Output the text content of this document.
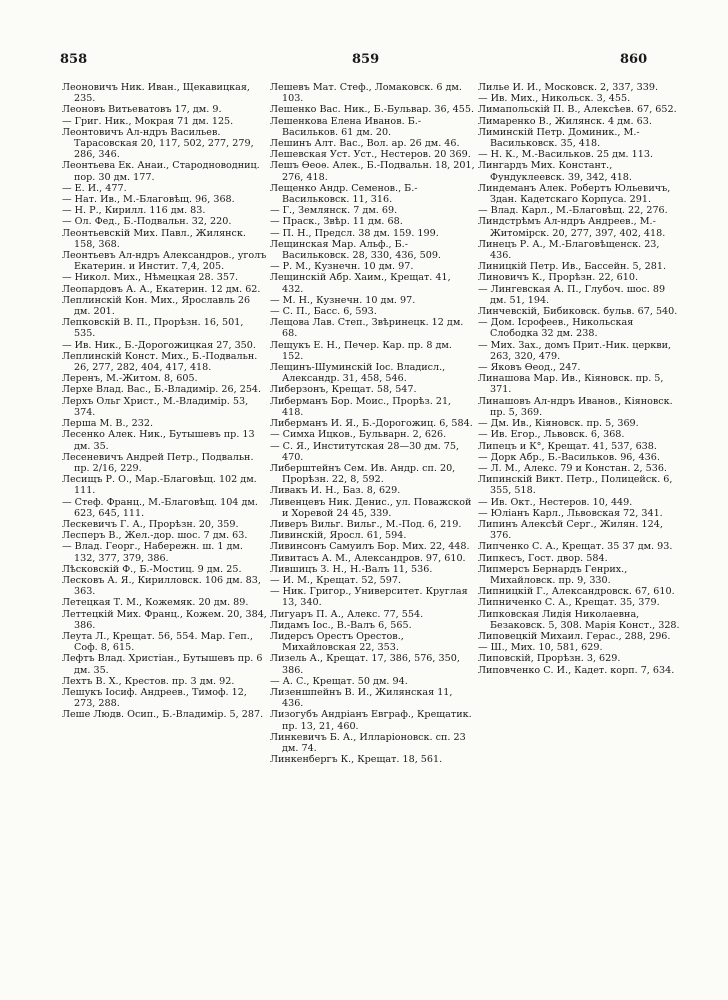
858	859	860

Леоновичъ Ник. Иван., Щекавицкая, 235.

Леоновъ Витьеватовъ 17, дм. 9.

— Григ. Ник., Мокрая 71 дм. 125.

Леонтовичъ Ал-ндръ Васильев. Тарасовская 20, 117, 502, 277, 279, 286, 346.

Леонтьева Ек. Анаи., Стародноводниц. пор. 30 дм. 177.

— Е. И., 477.

— Нат. Ив., М.-Благовѣщ. 96, 368.

— Н. Р., Кирилл. 116 дм. 83.

— Ол. Фед., Б.-Подвальн. 32, 220.

Леонтьевскій Мих. Павл., Жилянск. 158, 368.

Леонтьевъ Ал-ндръ Александров., уголъ Екатерин. и Инстит. 7,4, 205.

— Никол. Мих., Нѣмецкая 28. 357.

Леопардовъ А. А., Екатерин. 12 дм. 62.

Леплинскій Кон. Мих., Ярославль 26 дм. 201.

Лепковскій В. П., Прорѣзн. 16, 501, 535.

— Ив. Ник., Б.-Дорогожицкая 27, 350.

Леплинскій Конст. Мих., Б.-Подвальн. 26, 277, 282, 404, 417, 418.

Леренъ, М.-Житом. 8, 605.

Лерхе Влад. Вас., Б.-Владимір. 26, 254.

Лерхъ Ольг Христ., М.-Владимір. 53, 374.

Лерша М. В., 232.

Лесенко Алек. Ник., Бутышевъ пр. 13 дм. 35.

Лесеневичъ Андрей Петр., Подвальн. пр. 2/16, 229.

Лесищъ Р. О., Мар.-Благовѣщ. 102 дм. 111.

— Стеф. Франц., М.-Благовѣщ. 104 дм. 623, 645, 111.

Лескевичъ Г. А., Прорѣзн. 20, 359.

Лесперъ В., Жел.-дор. шос. 7 дм. 63.

— Влад. Георг., Набережн. ш. 1 дм. 132, 377, 379, 386.

Лѣсковскій Ф., Б.-Мостиц. 9 дм. 25.

Лесковъ А. Я., Кирилловск. 106 дм. 83, 363.

Летецкая Т. М., Кожемяк. 20 дм. 89.

Леттецкій Мих. Франц., Кожем. 20, 384, 386.

Леута Л., Крещат. 56, 554. Мар. Геп., Соф. 8, 615.

Лефтъ Влад. Христіан., Бутышевъ пр. 6 дм. 35.

Лехтъ В. Х., Крестов. пр. 3 дм. 92.

Лешукъ Іосиф. Андреев., Тимоф. 12, 273, 288.

Леше Людв. Осип., Б.-Владимір. 5, 287.

Лешевъ Мат. Стеф., Ломаковск. 6 дм. 103.

Лешенко Вас. Ник., Б.-Бульвар. 36, 455.

Лешенкова Елена Иванов. Б.-Васильков. 61 дм. 20.

Лешинъ Алт. Вас., Вол. ар. 26 дм. 46.

Лешевская Уст. Уст., Нестеров. 20 369.

Лешъ Ѳеоѳ. Алек., Б.-Подвальн. 18, 201, 276, 418.

Лещенко Андр. Семенов., Б.-Васильковск. 11, 316.

— Г., Землянск. 7 дм. 69.

— Праск., Звѣр. 11 дм. 68.

— П. Н., Предсл. 38 дм. 159. 199.

Лещинская Мар. Альф., Б.-Васильковск. 28, 330, 436, 509.

— Р. М., Кузнечн. 10 дм. 97.

Лещинскій Абр. Хаим., Крещат. 41, 432.

— М. Н., Кузнечн. 10 дм. 97.

— С. П., Басс. 6, 593.

Лещова Лав. Степ., Звѣринецк. 12 дм. 68.

Лещукъ Е. Н., Печер. Кар. пр. 8 дм. 152.

Лещинъ-Шуминскій Іос. Владисл., Александр. 31, 458, 546.

Либерзонъ, Крещат. 58, 547.

Либерманъ Бор. Моис., Прорѣз. 21, 418.

Либерманъ И. Я., Б.-Дорогожиц. 6, 584.

— Симха Ицков., Бульварн. 2, 626.

— С. Я., Институтская 28—30 дм. 75, 470.

Либерштейнъ Сем. Ив. Андр. сп. 20, Прорѣзн. 22, 8, 592.

Ливакъ И. Н., Баз. 8, 629.

Ливенцевъ Ник. Денис., ул. Поважской и Хоревой 24 45, 339.

Ливеръ Вильг. Вильг., М.-Под. 6, 219.

Ливинскій, Яросл. 61, 594.

Ливинсонъ Самуилъ Бор. Мих. 22, 448.

Ливитасъ А. М., Александров. 97, 610.

Лившицъ З. Н., Н.-Валъ 11, 536.

— И. М., Крещат. 52, 597.

— Ник. Григор., Университет. Круглая 13, 340.

Лигуаръ П. А., Алекс. 77, 554.

Лидамъ Іос., В.-Валъ 6, 565.

Лидерсъ Орестъ Орестов., Михайловская 22, 353.

Лизель А., Крещат. 17, 386, 576, 350, 386.

— А. С., Крещат. 50 дм. 94.

Лизеншпейнъ В. И., Жилянская 11, 436.

Лизогубъ Андріанъ Евграф., Крещатик. пр. 13, 21, 460.

Линкевичъ Б. А., Илларіоновск. сп. 23 дм. 74.

Линкенбергъ К., Крещат. 18, 561.

Лилье И. И., Московск. 2, 337, 339.

— Ив. Мих., Никольск. 3, 455.

Лимапольскій П. В., Алексѣев. 67, 652.

Лимаренко В., Жилянск. 4 дм. 63.

Лиминскій Петр. Доминик., М.-Васильковск. 35, 418.

— Н. К., М.-Васильков. 25 дм. 113.

Лингардъ Мих. Констант., Фундуклеевск. 39, 342, 418.

Линдеманъ Алек. Робертъ Юльевичъ, Здан. Кадетскаго Корпуса. 291.

— Влад. Карл., М.-Благовѣщ. 22, 276.

Линдстрѣмъ Ал-ндръ Андреев., М.-Житомірск. 20, 277, 397, 402, 418.

Линецъ Р. А., М.-Благовѣщенск. 23, 436.

Линицкій Петр. Ив., Бассейн. 5, 281.

Линовичъ К., Прорѣзн. 22, 610.

— Лингевская А. П., Глубоч. шос. 89 дм. 51, 194.

Линчевскій, Бибиковск. бульв. 67, 540.

— Дом. Ісрофеев., Никольская Слободка 32 дм. 238.

— Мих. Зах., домъ Прит.-Ник. церкви, 263, 320, 479.

— Яковъ Ѳеод., 247.

Линашова Мар. Ив., Кіяновск. пр. 5, 371.

Линашовъ Ал-ндръ Иванов., Кіяновск. пр. 5, 369.

— Дм. Ив., Кіяновск. пр. 5, 369.

— Ив. Егор., Львовск. 6, 368.

Липецъ и К°, Крещат. 41, 537, 638.

— Дорк Абр., Б.-Васильков. 96, 436.

— Л. М., Алекс. 79 и Констан. 2, 536.

Липинскій Викт. Петр., Полицейск. 6, 355, 518.

— Ив. Окт., Нестеров. 10, 449.

— Юліанъ Карл., Львовская 72, 341.

Липинъ Алексѣй Серг., Жилян. 124, 376.

Липченко С. А., Крещат. 35 37 дм. 93.

Липкесъ, Гост. двор. 584.

Липмерсъ Бернардъ Генрих., Михайловск. пр. 9, 330.

Липницкій Г., Александровск. 67, 610.

Липниченко С. А., Крещат. 35, 379.

Липковская Лидія Николаевна, Безаковск. 5, 308. Марія Конст., 328.

Липовецкій Михаил. Герас., 288, 296.

— Ш., Мих. 10, 581, 629.

Липовскій, Прорѣзн. 3, 629.

Липовченко С. И., Кадет. корп. 7, 634.
